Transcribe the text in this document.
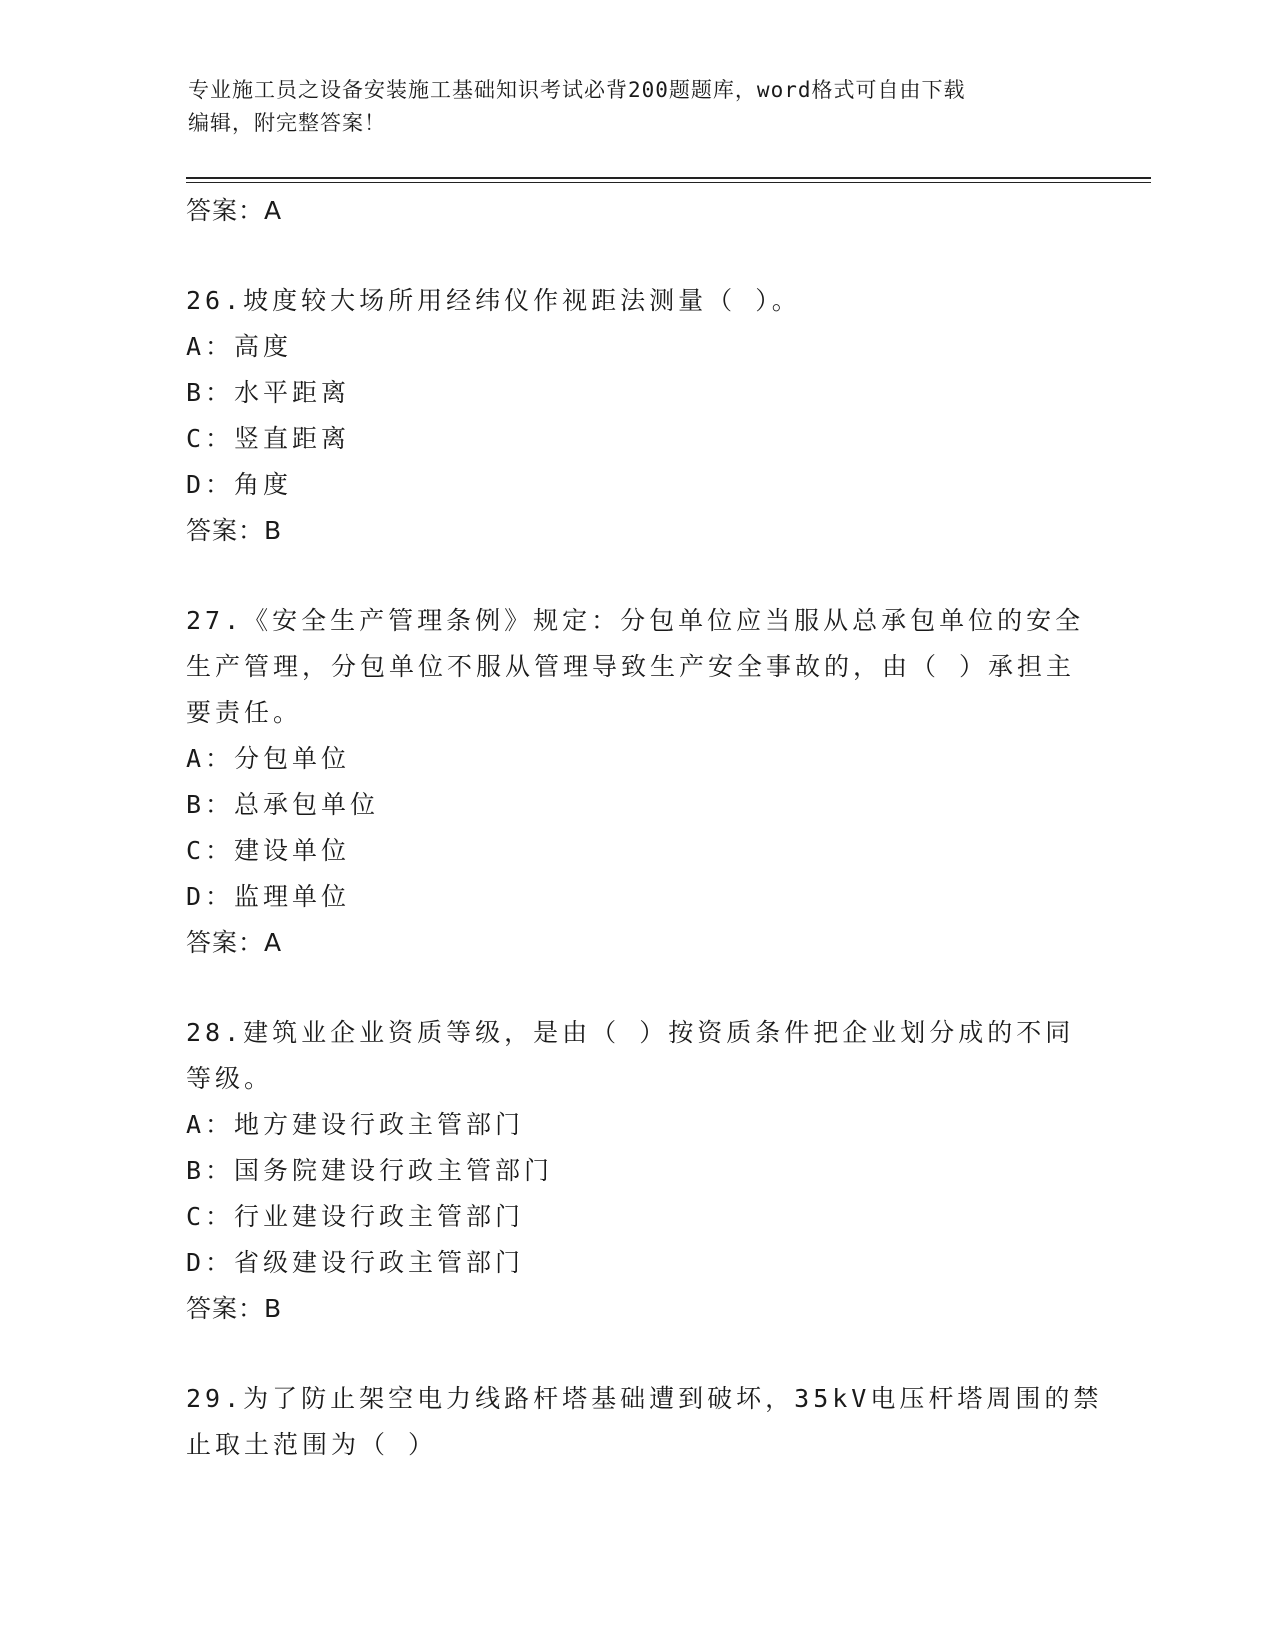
专业施工员之设备安装施工基础知识考试必背200题题库，word格式可自由下载
编辑，附完整答案！
答案：A
26.坡度较大场所用经纬仪作视距法测量（ ）。
A：高度
B：水平距离
C：竖直距离
D：角度
答案：B
27.《安全生产管理条例》规定：分包单位应当服从总承包单位的安全
生产管理，分包单位不服从管理导致生产安全事故的，由（ ）承担主
要责任。
A：分包单位
B：总承包单位
C：建设单位
D：监理单位
答案：A
28.建筑业企业资质等级，是由（ ）按资质条件把企业划分成的不同
等级。
A：地方建设行政主管部门
B：国务院建设行政主管部门
C：行业建设行政主管部门
D：省级建设行政主管部门
答案：B
29.为了防止架空电力线路杆塔基础遭到破坏，35kV电压杆塔周围的禁
止取土范围为（ ）
